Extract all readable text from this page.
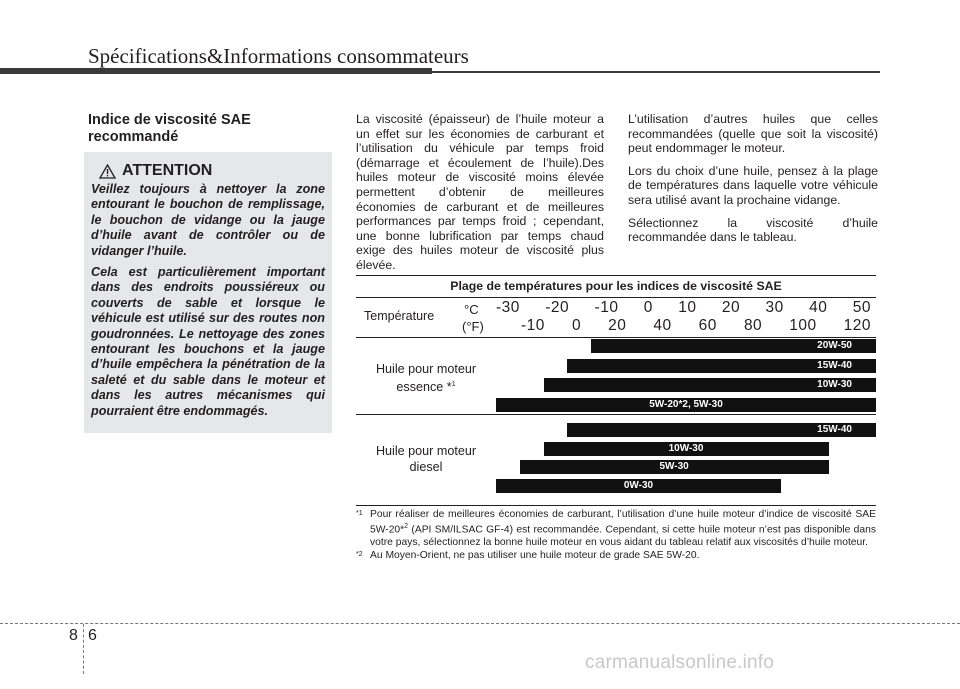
Spécifications&Informations consommateurs
Indice de viscosité SAE
recommandé
ATTENTION

Veillez toujours à nettoyer la zone entourant le bouchon de remplissage, le bouchon de vidange ou la jauge d’huile avant de contrôler ou de vidanger l’huile.

Cela est particulièrement important dans des endroits poussiéreux ou couverts de sable et lorsque le véhicule est utilisé sur des routes non goudronnées. Le nettoyage des zones entourant les bouchons et la jauge d’huile empêchera la pénétration de la saleté et du sable dans le moteur et dans les autres mécanismes qui pourraient être endommagés.

La viscosité (épaisseur) de l’huile moteur a un effet sur les économies de carburant et l’utilisation du véhicule par temps froid (démarrage et écoulement de l’huile).Des huiles moteur de viscosité moins élevée permettent d’obtenir de meilleures économies de carburant et de meilleures performances par temps froid ; cependant, une bonne lubrification par temps chaud exige des huiles moteur de viscosité plus élevée.

L’utilisation d’autres huiles que celles recommandées (quelle que soit la viscosité) peut endommager le moteur.

Lors du choix d’une huile, pensez à la plage de températures dans laquelle votre véhicule sera utilisé avant la prochaine vidange.

Sélectionnez la viscosité d’huile recommandée dans le tableau.

Plage de températures pour les indices de viscosité SAE
Température °C
(°F)
-30 -20 -10 0 10 20 30 40 50
-10 0 20 40 60 80 100 120
Huile pour moteur
essence *$^1$
20W-50
15W-40
10W-30
5W-20*2, 5W-30
Huile pour moteur
diesel
15W-40
10W-30
5W-30
0W-30
*1 Pour réaliser de meilleures économies de carburant, l’utilisation d’une huile moteur d’indice de viscosité SAE 5W-20*$^2$ (API SM/ILSAC GF-4) est recommandée. Cependant, si cette huile moteur n’est pas disponible dans votre pays, sélectionnez la bonne huile moteur en vous aidant du tableau relatif aux viscosités d’huile moteur.
*2 Au Moyen-Orient, ne pas utiliser une huile moteur de grade SAE 5W-20.
8 6
carmanualsonline.info
